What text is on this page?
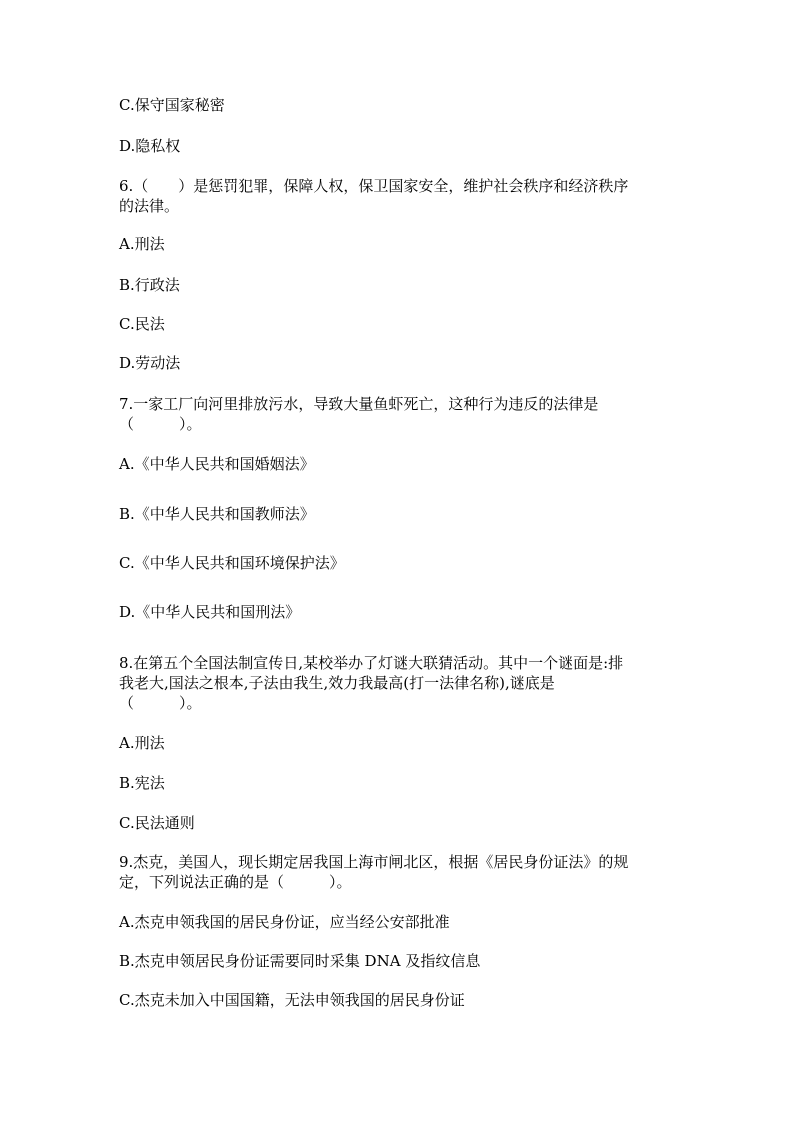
C.保守国家秘密
D.隐私权
6.（　　）是惩罚犯罪，保障人权，保卫国家安全，维护社会秩序和经济秩序
的法律。
A.刑法
B.行政法
C.民法
D.劳动法
7.一家工厂向河里排放污水，导致大量鱼虾死亡，这种行为违反的法律是
（　　　）。
A.《中华人民共和国婚姻法》
B.《中华人民共和国教师法》
C.《中华人民共和国环境保护法》
D.《中华人民共和国刑法》
8.在第五个全国法制宣传日,某校举办了灯谜大联猜活动。其中一个谜面是:排
我老大,国法之根本,子法由我生,效力我最高(打一法律名称),谜底是
（　　　）。
A.刑法
B.宪法
C.民法通则
9.杰克，美国人，现长期定居我国上海市闸北区，根据《居民身份证法》的规
定，下列说法正确的是（　　　）。
A.杰克申领我国的居民身份证，应当经公安部批准
B.杰克申领居民身份证需要同时采集 DNA 及指纹信息
C.杰克未加入中国国籍，无法申领我国的居民身份证
